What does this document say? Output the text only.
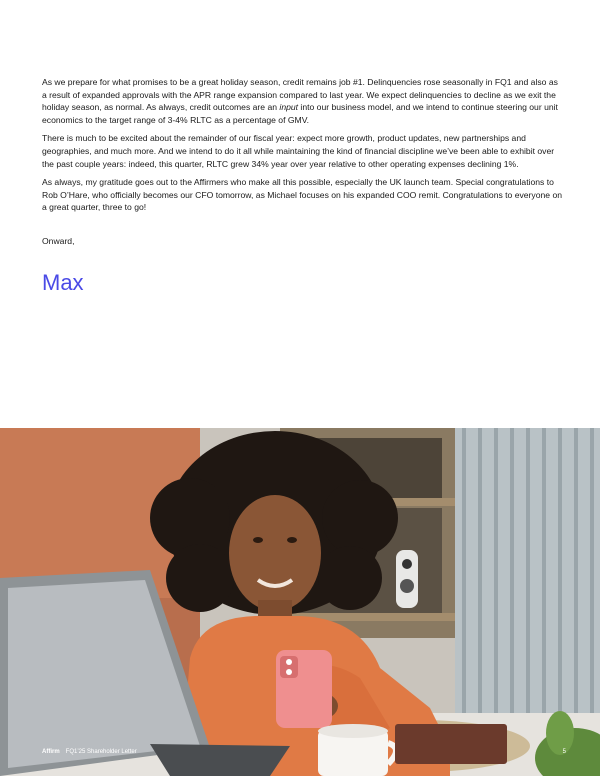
As we prepare for what promises to be a great holiday season, credit remains job #1. Delinquencies rose seasonally in FQ1 and also as a result of expanded approvals with the APR range expansion compared to last year. We expect delinquencies to decline as we exit the holiday season, as normal. As always, credit outcomes are an input into our business model, and we intend to continue steering our unit economics to the target range of 3-4% RLTC as a percentage of GMV.

There is much to be excited about the remainder of our fiscal year: expect more growth, product updates, new partnerships and geographies, and much more. And we intend to do it all while maintaining the kind of financial discipline we’ve been able to exhibit over the past couple years: indeed, this quarter, RLTC grew 34% year over year relative to other operating expenses declining 1%.

As always, my gratitude goes out to the Affirmers who make all this possible, especially the UK launch team. Special congratulations to Rob O’Hare, who officially becomes our CFO tomorrow, as Michael focuses on his expanded COO remit. Congratulations to everyone on a great quarter, three to go!

Onward,
Max
Affirm FQ1’25 Shareholder Letter	5
